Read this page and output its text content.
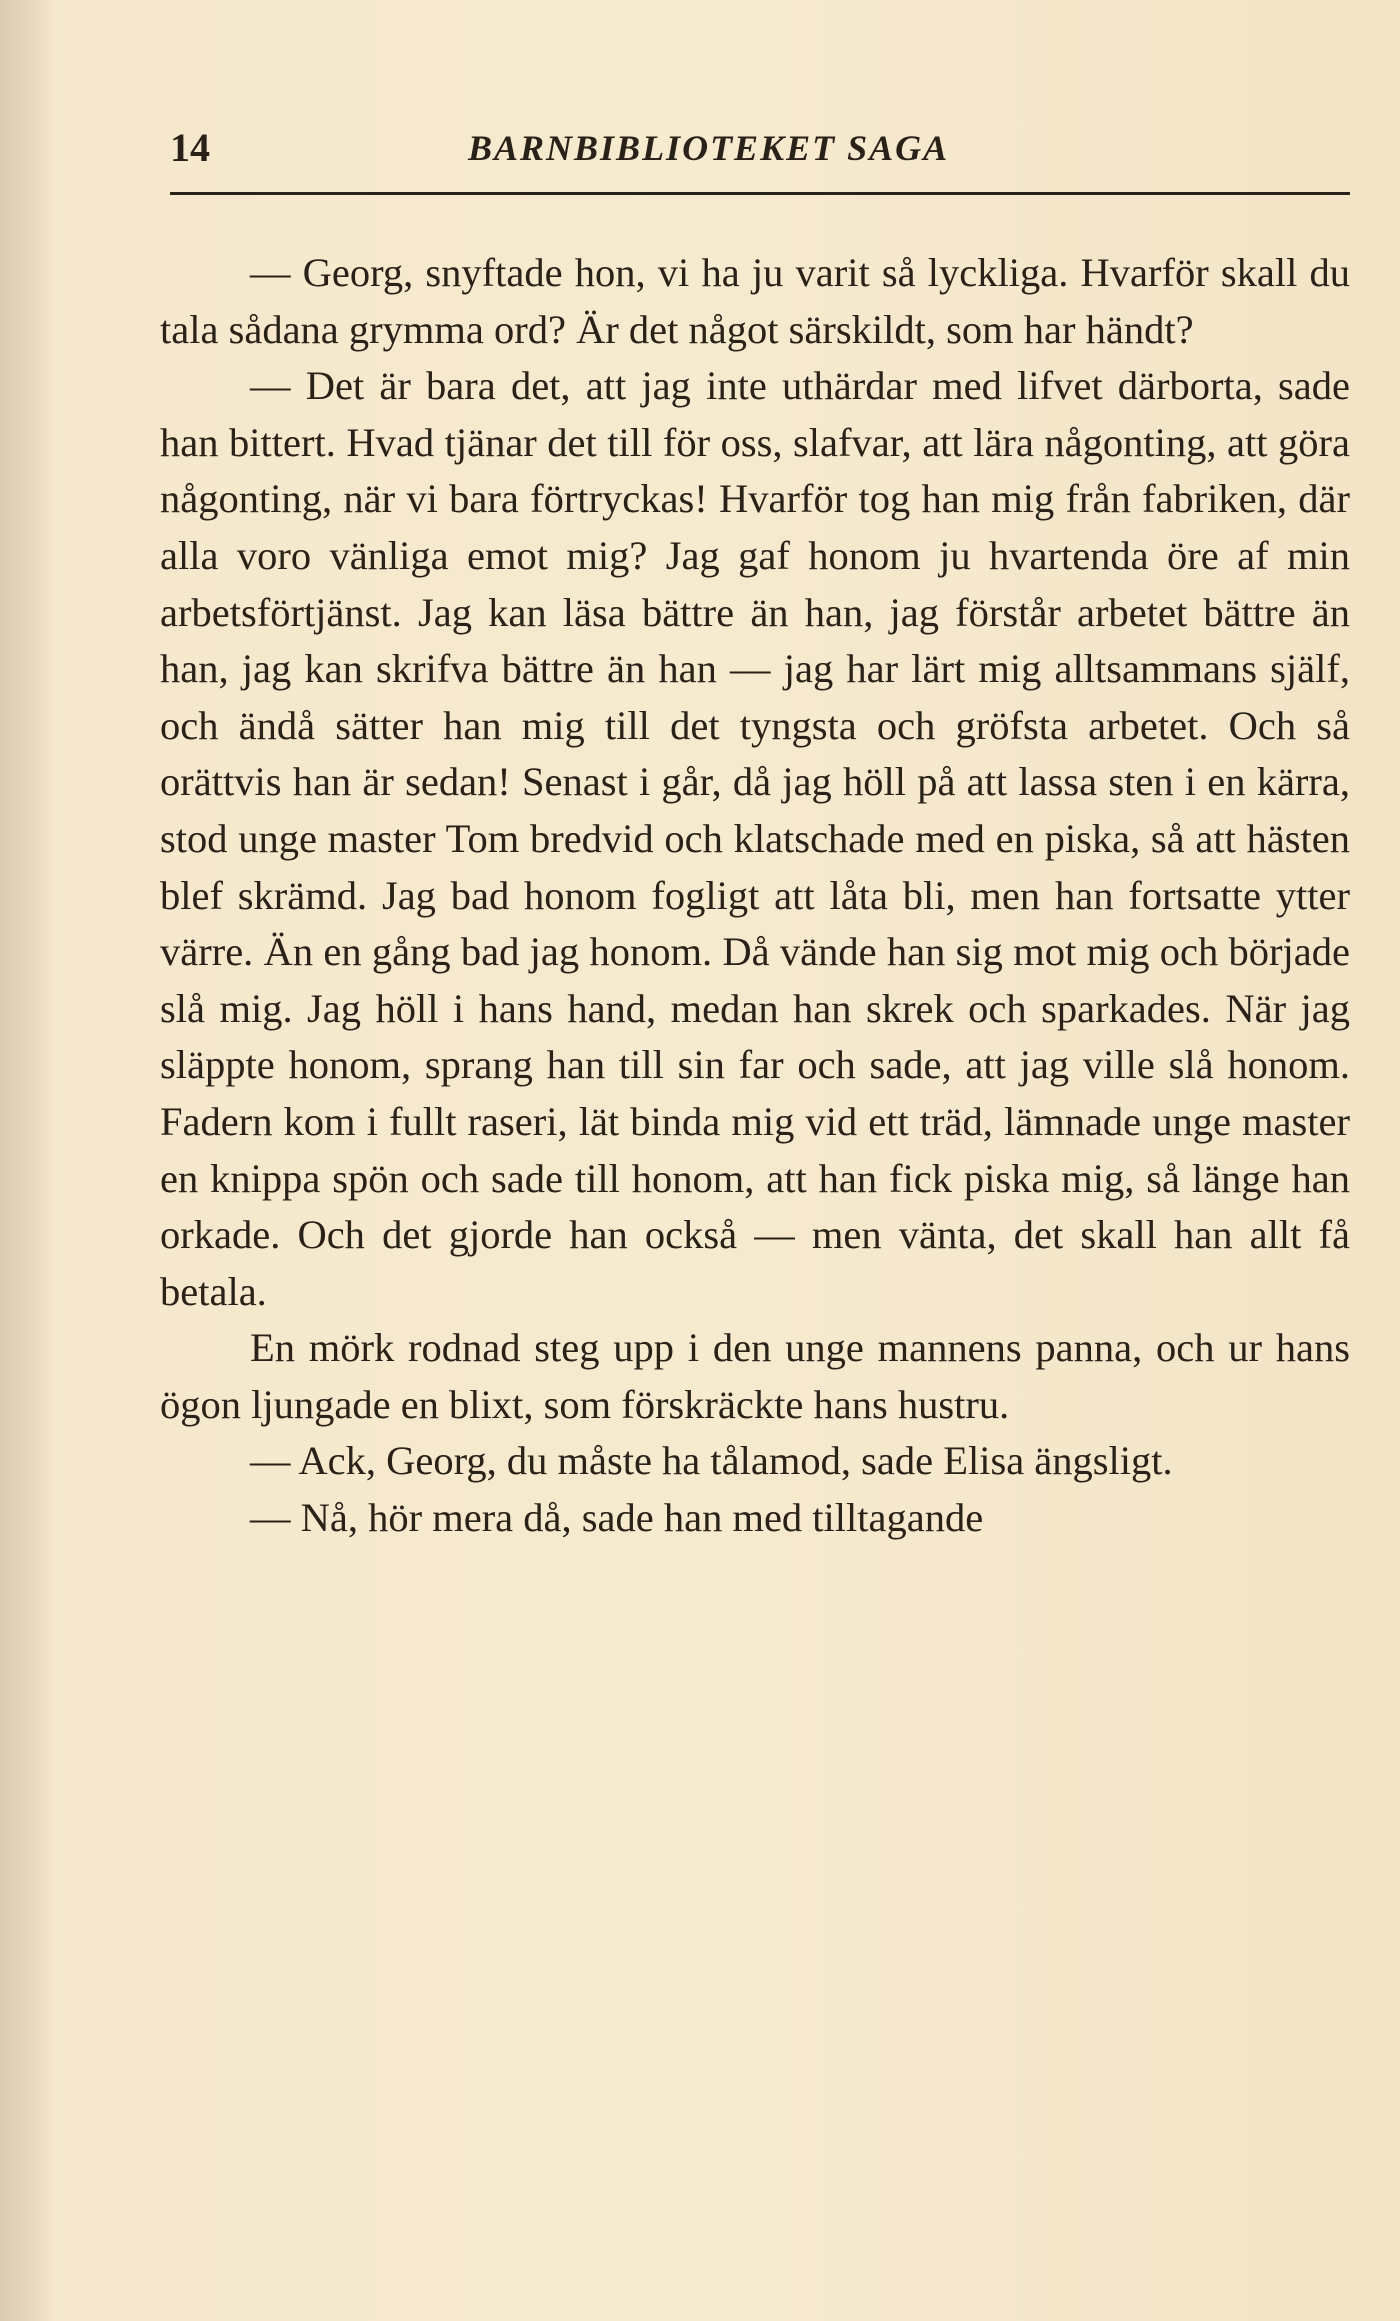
14	BARNBIBLIOTEKET SAGA

— Georg, snyftade hon, vi ha ju varit så lyckliga. Hvarför skall du tala sådana grymma ord? Är det något särskildt, som har händt?

— Det är bara det, att jag inte uthärdar med lifvet därborta, sade han bittert. Hvad tjänar det till för oss, slafvar, att lära någonting, att göra någonting, när vi bara förtryckas! Hvarför tog han mig från fabriken, där alla voro vänliga emot mig? Jag gaf honom ju hvartenda öre af min arbetsförtjänst. Jag kan läsa bättre än han, jag förstår arbetet bättre än han, jag kan skrifva bättre än han — jag har lärt mig alltsammans själf, och ändå sätter han mig till det tyngsta och gröfsta arbetet. Och så orättvis han är sedan! Senast i går, då jag höll på att lassa sten i en kärra, stod unge master Tom bredvid och klatschade med en piska, så att hästen blef skrämd. Jag bad honom fogligt att låta bli, men han fortsatte ytter värre. Än en gång bad jag honom. Då vände han sig mot mig och började slå mig. Jag höll i hans hand, medan han skrek och sparkades. När jag släppte honom, sprang han till sin far och sade, att jag ville slå honom. Fadern kom i fullt raseri, lät binda mig vid ett träd, lämnade unge master en knippa spön och sade till honom, att han fick piska mig, så länge han orkade. Och det gjorde han också — men vänta, det skall han allt få betala.

En mörk rodnad steg upp i den unge mannens panna, och ur hans ögon ljungade en blixt, som förskräckte hans hustru.

— Ack, Georg, du måste ha tålamod, sade Elisa ängsligt.

— Nå, hör mera då, sade han med tilltagande
